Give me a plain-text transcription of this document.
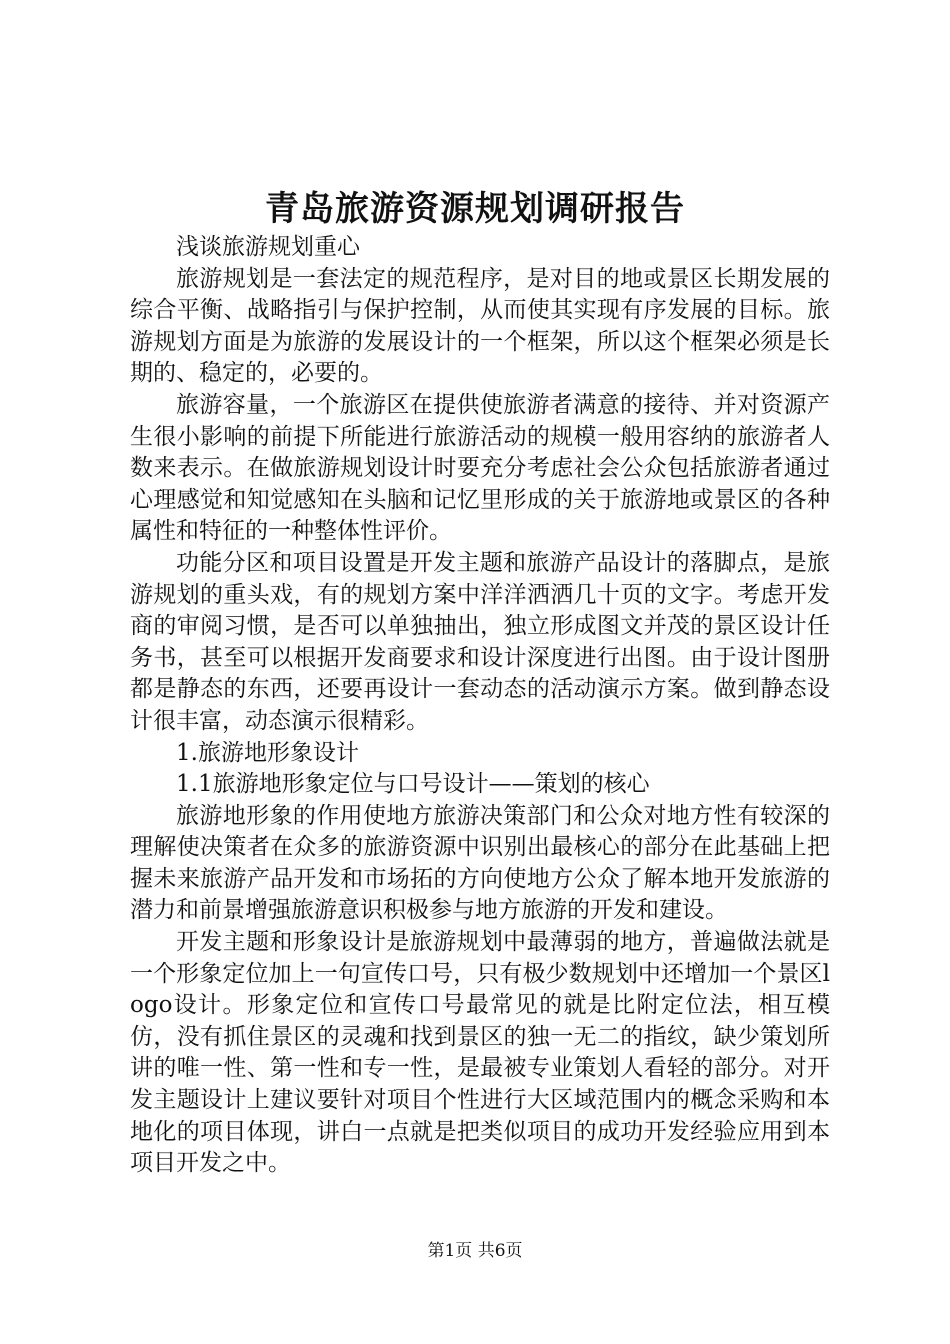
青岛旅游资源规划调研报告

浅谈旅游规划重心

旅游规划是一套法定的规范程序，是对目的地或景区长期发展的综合平衡、战略指引与保护控制，从而使其实现有序发展的目标。旅游规划方面是为旅游的发展设计的一个框架，所以这个框架必须是长期的、稳定的，必要的。

旅游容量，一个旅游区在提供使旅游者满意的接待、并对资源产生很小影响的前提下所能进行旅游活动的规模一般用容纳的旅游者人数来表示。在做旅游规划设计时要充分考虑社会公众包括旅游者通过心理感觉和知觉感知在头脑和记忆里形成的关于旅游地或景区的各种属性和特征的一种整体性评价。

功能分区和项目设置是开发主题和旅游产品设计的落脚点，是旅游规划的重头戏，有的规划方案中洋洋洒洒几十页的文字。考虑开发商的审阅习惯，是否可以单独抽出，独立形成图文并茂的景区设计任务书，甚至可以根据开发商要求和设计深度进行出图。由于设计图册都是静态的东西，还要再设计一套动态的活动演示方案。做到静态设计很丰富，动态演示很精彩。

1.旅游地形象设计

1.1旅游地形象定位与口号设计——策划的核心

旅游地形象的作用使地方旅游决策部门和公众对地方性有较深的理解使决策者在众多的旅游资源中识别出最核心的部分在此基础上把握未来旅游产品开发和市场拓的方向使地方公众了解本地开发旅游的潜力和前景增强旅游意识积极参与地方旅游的开发和建设。

开发主题和形象设计是旅游规划中最薄弱的地方，普遍做法就是一个形象定位加上一句宣传口号，只有极少数规划中还增加一个景区logo设计。形象定位和宣传口号最常见的就是比附定位法，相互模仿，没有抓住景区的灵魂和找到景区的独一无二的指纹，缺少策划所讲的唯一性、第一性和专一性，是最被专业策划人看轻的部分。对开发主题设计上建议要针对项目个性进行大区域范围内的概念采购和本地化的项目体现，讲白一点就是把类似项目的成功开发经验应用到本项目开发之中。

第1页 共6页
